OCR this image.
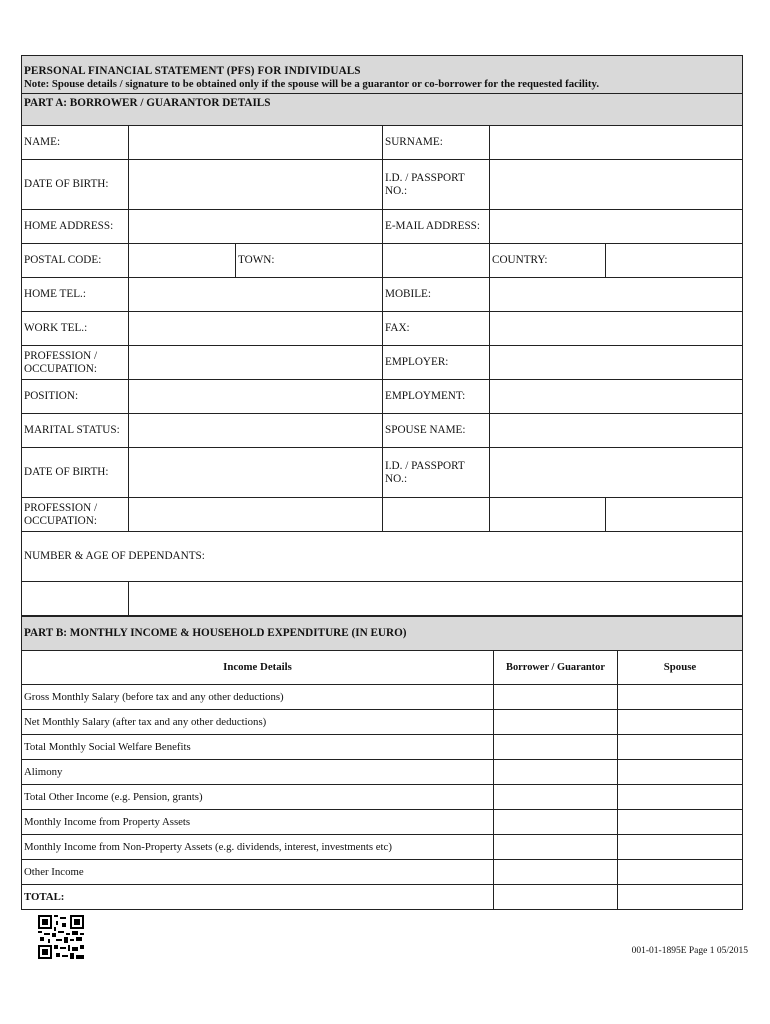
PERSONAL FINANCIAL STATEMENT (PFS) FOR INDIVIDUALS
Note: Spouse details / signature to be obtained only if the spouse will be a guarantor or co-borrower for the requested facility.					

PART A: BORROWER / GUARANTOR DETAILS					
NAME:			SURNAME:		
DATE OF BIRTH:			I.D. / PASSPORT NO.:		
HOME ADDRESS:			E-MAIL ADDRESS:		
POSTAL CODE:		TOWN:		COUNTRY:	
HOME TEL.:			MOBILE:		
WORK TEL.:			FAX:		
PROFESSION / OCCUPATION:			EMPLOYER:		
POSITION:			EMPLOYMENT:		
MARITAL STATUS:			SPOUSE NAME:		
DATE OF BIRTH:			I.D. / PASSPORT NO.:		
PROFESSION / OCCUPATION:					
NUMBER & AGE OF DEPENDANTS:					

PART B: MONTHLY INCOME & HOUSEHOLD EXPENDITURE (IN EURO)		
Income Details	Borrower / Guarantor	Spouse
Gross Monthly Salary (before tax and any other deductions)		
Net Monthly Salary (after tax and any other deductions)		
Total Monthly Social Welfare Benefits		
Alimony		
Total Other Income (e.g. Pension, grants)		
Monthly Income from Property Assets		
Monthly Income from Non-Property Assets (e.g. dividends, interest, investments etc)		
Other Income		
TOTAL:		
001-01-1895E Page 1 05/2015
